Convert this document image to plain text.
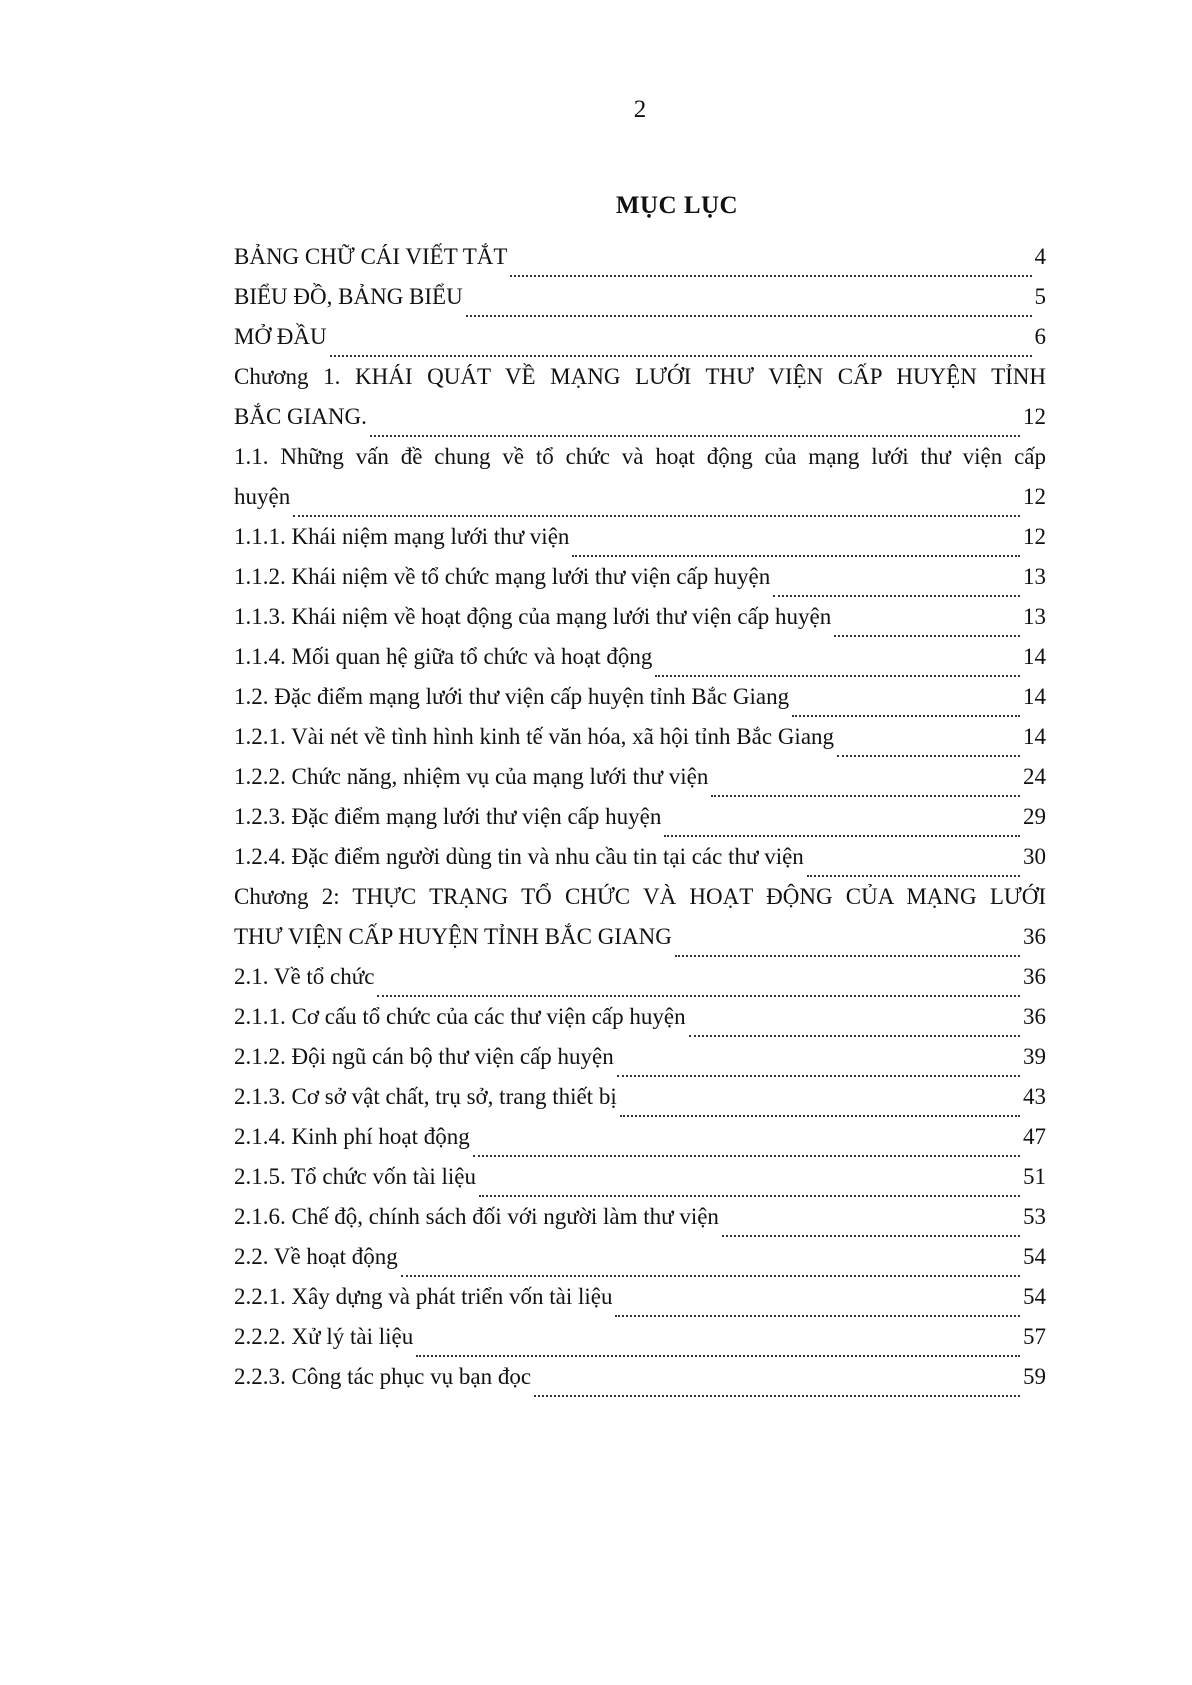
2
MỤC LỤC
BẢNG CHỮ CÁI VIẾT TẮT	4
BIỂU ĐỒ, BẢNG BIỂU	5
MỞ ĐẦU	6
Chương 1. KHÁI QUÁT VỀ MẠNG LƯỚI THƯ VIỆN CẤP HUYỆN TỈNH
BẮC GIANG.	12
1.1. Những vấn đề chung về tổ chức và hoạt động của mạng lưới thư viện cấp
huyện	12
1.1.1. Khái niệm mạng lưới thư viện	12
1.1.2. Khái niệm về tổ chức mạng lưới thư viện cấp huyện	13
1.1.3. Khái niệm về hoạt động của mạng lưới thư viện cấp huyện	13
1.1.4. Mối quan hệ giữa tổ chức và hoạt động	14
1.2. Đặc điểm mạng lưới thư viện cấp huyện tỉnh Bắc Giang	14
1.2.1. Vài nét về tình hình kinh tế văn hóa, xã hội tỉnh Bắc Giang	14
1.2.2. Chức năng, nhiệm vụ của mạng lưới thư viện	24
1.2.3. Đặc điểm mạng lưới thư viện cấp huyện	29
1.2.4. Đặc điểm người dùng tin và nhu cầu tin tại các thư viện	30
Chương 2: THỰC TRẠNG TỔ CHỨC VÀ HOẠT ĐỘNG CỦA MẠNG LƯỚI
THƯ VIỆN CẤP HUYỆN TỈNH BẮC GIANG	36
2.1. Về tổ chức	36
2.1.1. Cơ cấu tổ chức của các thư viện cấp huyện	36
2.1.2. Đội ngũ cán bộ thư viện cấp huyện	39
2.1.3. Cơ sở vật chất, trụ sở, trang thiết bị	43
2.1.4. Kinh phí hoạt động	47
2.1.5. Tổ chức vốn tài liệu	51
2.1.6. Chế độ, chính sách đối với người làm thư viện	53
2.2. Về hoạt động	54
2.2.1. Xây dựng và phát triển vốn tài liệu	54
2.2.2. Xử lý tài liệu	57
2.2.3. Công tác phục vụ bạn đọc	59
